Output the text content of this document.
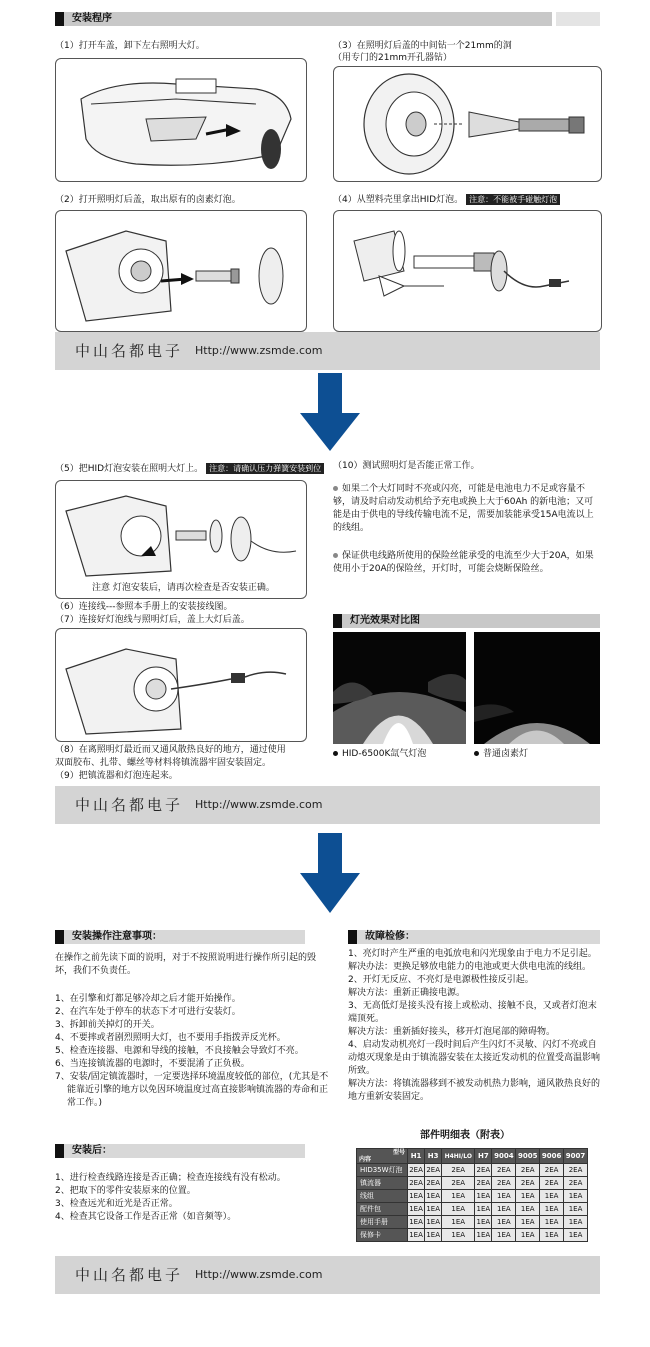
安装程序
（1）打开车盖，卸下左右照明大灯。	（3）在照明灯后盖的中间钻一个21mm的洞
（用专门的21mm开孔器钻）
（2）打开照明灯后盖，取出原有的卤素灯泡。	（4）从塑料壳里拿出HID灯泡。 注意：不能被手碰触灯泡
中山名都电子 Http://www.zsmde.com
（5）把HID灯泡安装在照明大灯上。 注意：请确认压力弹簧安装到位
注意 灯泡安装后，请再次检查是否安装正确。
（6）连接线---参照本手册上的安装接线图。
（7）连接好灯泡线与照明灯后，盖上大灯后盖。
（8）在离照明灯最近而又通风散热良好的地方，通过使用
双面胶布、扎带、螺丝等材料将镇流器牢固安装固定。
（9）把镇流器和灯泡连起来。
（10）测试照明灯是否能正常工作。
如果二个大灯同时不亮或闪亮，可能是电池电力不足或容量不够，请及时启动发动机给予充电或换上大于60Ah 的新电池；又可能是由于供电的导线传输电流不足，需要加装能承受15A电流以上的线组。
保证供电线路所使用的保险丝能承受的电流至少大于20A，如果使用小于20A的保险丝，开灯时，可能会烧断保险丝。
灯光效果对比图
HID-6500K氙气灯泡	普通卤素灯
中山名都电子 Http://www.zsmde.com
安装操作注意事项：
在操作之前先读下面的说明，对于不按照说明进行操作所引起的毁坏，我们不负责任。
1、在引擎和灯都足够冷却之后才能开始操作。
2、在汽车处于停车的状态下才可进行安装灯。
3、拆卸前关掉灯的开关。
4、不要摔或者剧烈照明大灯，也不要用手指拨弄反光杯。
5、检查连接器、电源和导线的接触，不良接触会导致灯不亮。
6、当连接镇流器的电源时，不要混淆了正负极。
7、安装/固定镇流器时，一定要选择环境温度较低的部位，(尤其是不能靠近引擎的地方以免因环境温度过高直接影响镇流器的寿命和正常工作。)
安装后：
1、进行检查线路连接是否正确；检查连接线有没有松动。
2、把取下的零件安装原来的位置。
3、检查远光和近光是否正常。
4、检查其它设备工作是否正常（如音频等）。
故障检修：
1、亮灯时产生严重的电弧放电和闪光现象由于电力不足引起。
解决办法：更换足够放电能力的电池或更大供电电流的线组。
2、开灯无反应、不亮灯是电源极性接反引起。
解决方法：重新正确接电源。
3、无高低灯是接头没有接上或松动、接触不良，又或者灯泡末端顶死。
解决方法：重新插好接头，移开灯泡尾部的障碍物。
4、启动发动机亮灯一段时间后产生闪灯不灵敏、闪灯不亮或自动熄灭现象是由于镇流器安装在太接近发动机的位置受高温影响所致。
解决方法：将镇流器移到不被发动机热力影响，通风散热良好的地方重新安装固定。
部件明细表（附表）
型号

内容	H1	H3	H4HI/LO	H7	9004	9005	9006	9007
HID35W灯泡	2EA	2EA	2EA	2EA	2EA	2EA	2EA	2EA
镇流器	2EA	2EA	2EA	2EA	2EA	2EA	2EA	2EA
线组	1EA	1EA	1EA	1EA	1EA	1EA	1EA	1EA
配件包	1EA	1EA	1EA	1EA	1EA	1EA	1EA	1EA
使用手册	1EA	1EA	1EA	1EA	1EA	1EA	1EA	1EA
保修卡	1EA	1EA	1EA	1EA	1EA	1EA	1EA	1EA
中山名都电子 Http://www.zsmde.com
